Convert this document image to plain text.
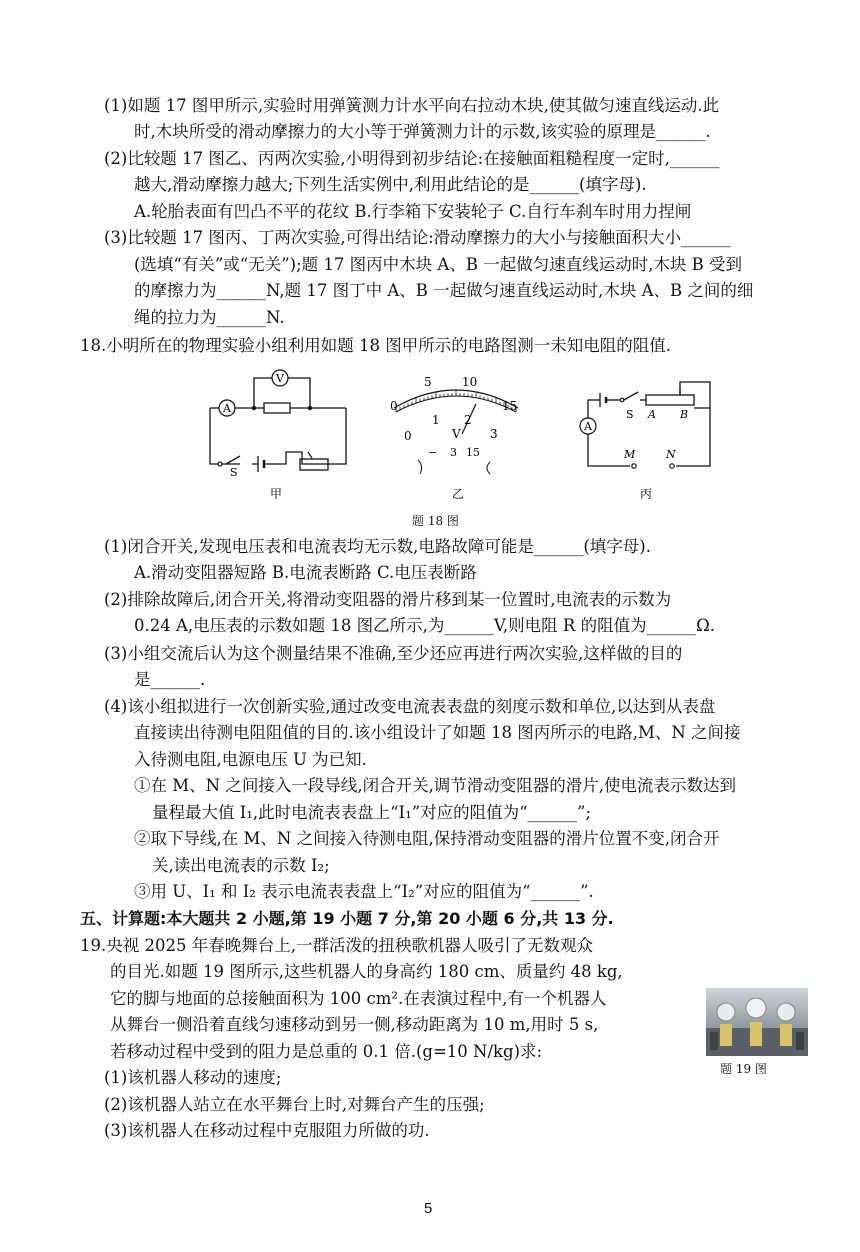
(1)如题 17 图甲所示,实验时用弹簧测力计水平向右拉动木块,使其做匀速直线运动.此
时,木块所受的滑动摩擦力的大小等于弹簧测力计的示数,该实验的原理是______.
(2)比较题 17 图乙、丙两次实验,小明得到初步结论:在接触面粗糙程度一定时,______
越大,滑动摩擦力越大;下列生活实例中,利用此结论的是______(填字母).
A.轮胎表面有凹凸不平的花纹 B.行李箱下安装轮子 C.自行车刹车时用力捏闸
(3)比较题 17 图丙、丁两次实验,可得出结论:滑动摩擦力的大小与接触面积大小______
(选填“有关”或“无关”);题 17 图丙中木块 A、B 一起做匀速直线运动时,木块 B 受到
的摩擦力为______N,题 17 图丁中 A、B 一起做匀速直线运动时,木块 A、B 之间的细
绳的拉力为______N.
18.小明所在的物理实验小组利用如题 18 图甲所示的电路图测一未知电阻的阻值.
A
V
S
甲
0
5	10
15
0
1 2
3
V
− 3 15
乙
A
S A B
M	N
丙
题 18 图
(1)闭合开关,发现电压表和电流表均无示数,电路故障可能是______(填字母).
A.滑动变阻器短路 B.电流表断路 C.电压表断路
(2)排除故障后,闭合开关,将滑动变阻器的滑片移到某一位置时,电流表的示数为
0.24 A,电压表的示数如题 18 图乙所示,为______V,则电阻 R 的阻值为______Ω.
(3)小组交流后认为这个测量结果不准确,至少还应再进行两次实验,这样做的目的
是______.
(4)该小组拟进行一次创新实验,通过改变电流表表盘的刻度示数和单位,以达到从表盘
直接读出待测电阻阻值的目的.该小组设计了如题 18 图丙所示的电路,M、N 之间接
入待测电阻,电源电压 U 为已知.
①在 M、N 之间接入一段导线,闭合开关,调节滑动变阻器的滑片,使电流表示数达到
量程最大值 I₁,此时电流表表盘上“I₁”对应的阻值为“______”;
②取下导线,在 M、N 之间接入待测电阻,保持滑动变阻器的滑片位置不变,闭合开
关,读出电流表的示数 I₂;
③用 U、I₁ 和 I₂ 表示电流表表盘上“I₂”对应的阻值为“______”.
五、计算题:本大题共 2 小题,第 19 小题 7 分,第 20 小题 6 分,共 13 分.
19.央视 2025 年春晚舞台上,一群活泼的扭秧歌机器人吸引了无数观众
的目光.如题 19 图所示,这些机器人的身高约 180 cm、质量约 48 kg,
它的脚与地面的总接触面积为 100 cm².在表演过程中,有一个机器人
从舞台一侧沿着直线匀速移动到另一侧,移动距离为 10 m,用时 5 s,
若移动过程中受到的阻力是总重的 0.1 倍.(g=10 N/kg)求:
(1)该机器人移动的速度;
(2)该机器人站立在水平舞台上时,对舞台产生的压强;
(3)该机器人在移动过程中克服阻力所做的功.
题 19 图
5
